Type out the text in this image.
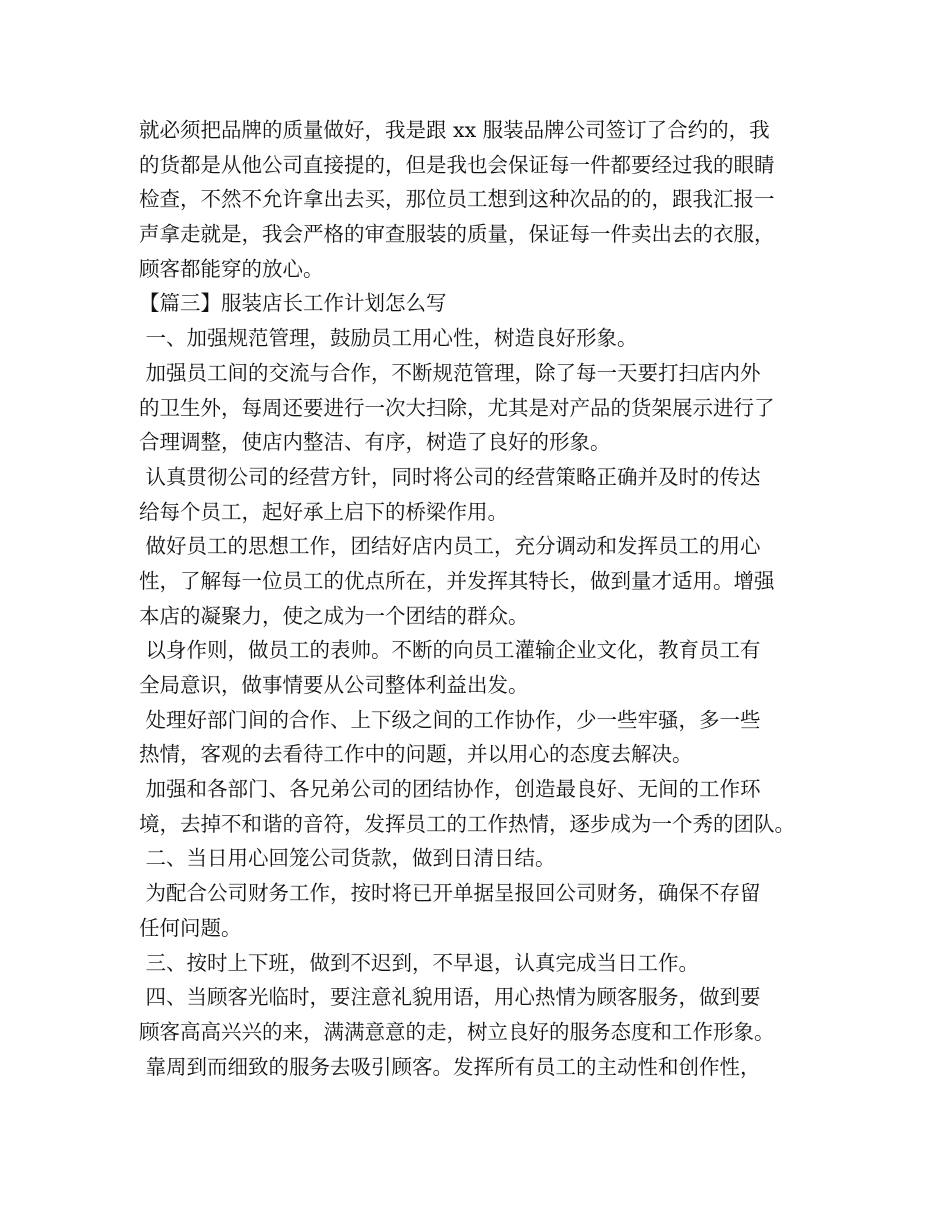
就必须把品牌的质量做好，我是跟 xx 服装品牌公司签订了合约的，我
的货都是从他公司直接提的，但是我也会保证每一件都要经过我的眼睛
检查，不然不允许拿出去买，那位员工想到这种次品的的，跟我汇报一
声拿走就是，我会严格的审查服装的质量，保证每一件卖出去的衣服，
顾客都能穿的放心。
【篇三】服装店长工作计划怎么写
一、加强规范管理，鼓励员工用心性，树造良好形象。
加强员工间的交流与合作，不断规范管理，除了每一天要打扫店内外
的卫生外，每周还要进行一次大扫除，尤其是对产品的货架展示进行了
合理调整，使店内整洁、有序，树造了良好的形象。
认真贯彻公司的经营方针，同时将公司的经营策略正确并及时的传达
给每个员工，起好承上启下的桥梁作用。
做好员工的思想工作，团结好店内员工，充分调动和发挥员工的用心
性，了解每一位员工的优点所在，并发挥其特长，做到量才适用。增强
本店的凝聚力，使之成为一个团结的群众。
以身作则，做员工的表帅。不断的向员工灌输企业文化，教育员工有
全局意识，做事情要从公司整体利益出发。
处理好部门间的合作、上下级之间的工作协作，少一些牢骚，多一些
热情，客观的去看待工作中的问题，并以用心的态度去解决。
加强和各部门、各兄弟公司的团结协作，创造最良好、无间的工作环
境，去掉不和谐的音符，发挥员工的工作热情，逐步成为一个秀的团队。
二、当日用心回笼公司货款，做到日清日结。
为配合公司财务工作，按时将已开单据呈报回公司财务，确保不存留
任何问题。
三、按时上下班，做到不迟到，不早退，认真完成当日工作。
四、当顾客光临时，要注意礼貌用语，用心热情为顾客服务，做到要
顾客高高兴兴的来，满满意意的走，树立良好的服务态度和工作形象。
靠周到而细致的服务去吸引顾客。发挥所有员工的主动性和创作性，
